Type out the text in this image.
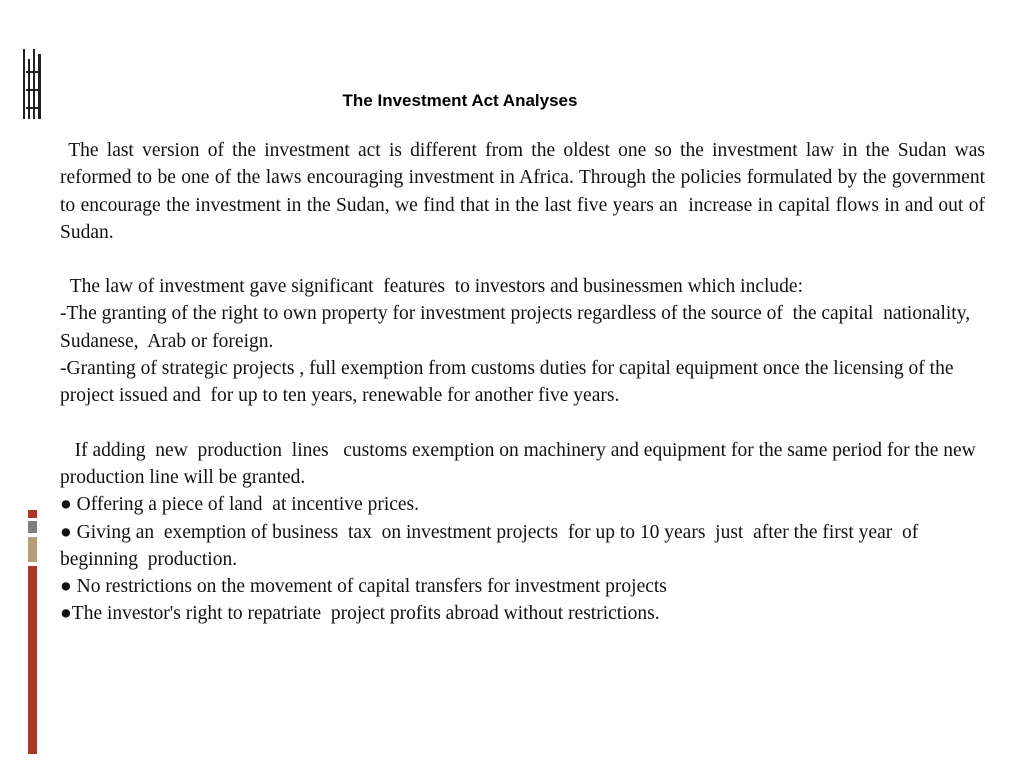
The Investment Act Analyses

The last version of the investment act is different from the oldest one so the investment law in the Sudan was reformed to be one of the laws encouraging investment in Africa. Through the policies formulated by the government to encourage the investment in the Sudan, we find that in the last five years an  increase in capital flows in and out of Sudan.

The law of investment gave significant  features  to investors and businessmen which include:

-The granting of the right to own property for investment projects regardless of the source of  the capital  nationality, Sudanese,  Arab or foreign.

-Granting of strategic projects , full exemption from customs duties for capital equipment once the licensing of the project issued and  for up to ten years, renewable for another five years.

If adding  new  production  lines   customs exemption on machinery and equipment for the same period for the new production line will be granted.

● Offering a piece of land  at incentive prices.

● Giving an  exemption of business  tax  on investment projects  for up to 10 years  just  after the first year  of beginning  production.

● No restrictions on the movement of capital transfers for investment projects

●The investor's right to repatriate  project profits abroad without restrictions.
